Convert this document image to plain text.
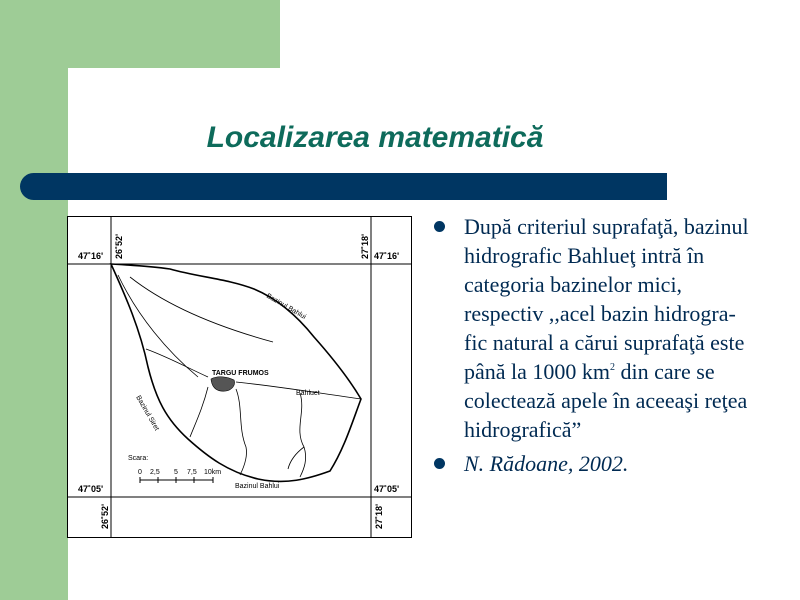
Localizarea matematică
47˚16'	47˚16'
47˚05'	47˚05'
26˚52'	27˚18'
26˚52'	27˚18'
TARGU FRUMOS
Bazinul Bahlui
Bahluet
Bazinul Siret
Bazinul Bahlui
Scara:
0 2,5 5 7,5 10km
După criteriul suprafaţă, bazinul hidrografic Bahlueţ intră în categoria bazinelor mici, respectiv ,,acel bazin hidrogra-fic natural a cărui suprafaţă este până la 1000 $km^2$ din care se colectează apele în aceeaşi reţea hidrografică”
N. Rădoane, 2002.
